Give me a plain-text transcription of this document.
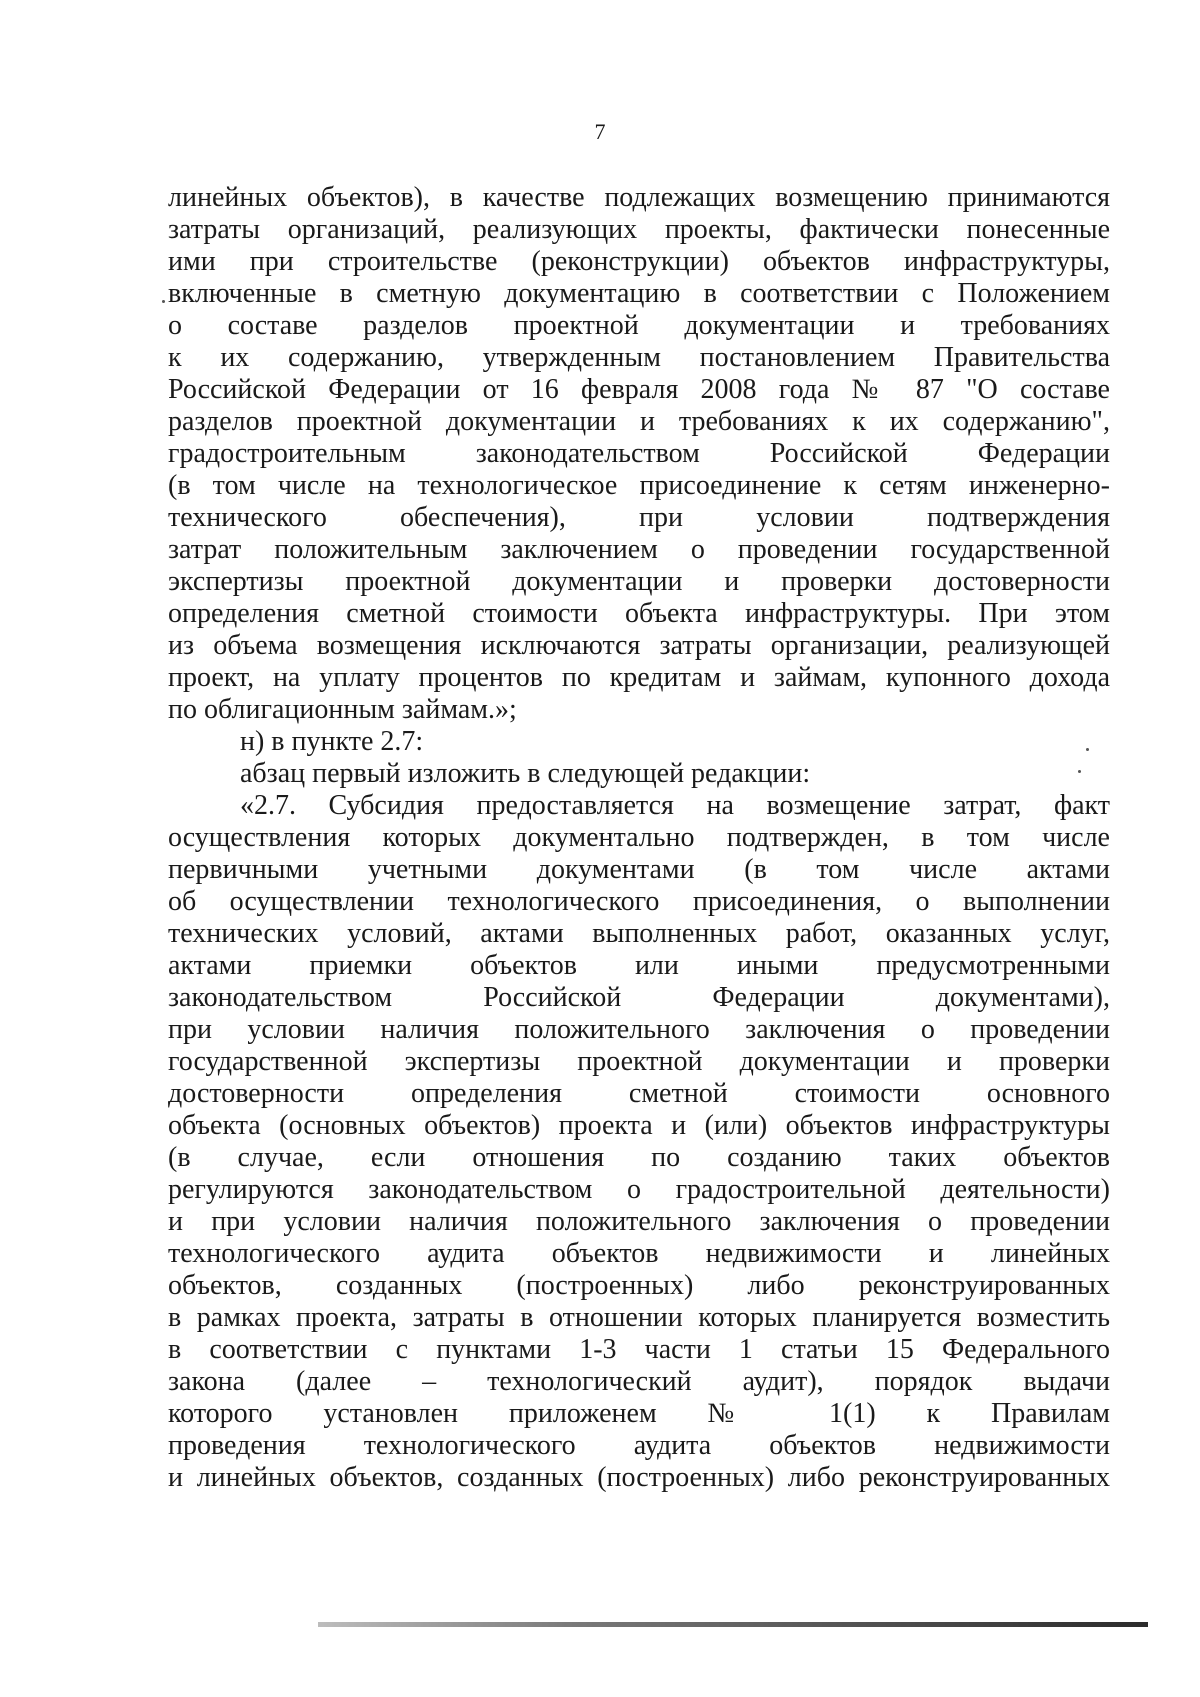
7
линейных объектов), в качестве подлежащих возмещению принимаются
затраты организаций, реализующих проекты, фактически понесенные
ими при строительстве (реконструкции) объектов инфраструктуры,
включенные в сметную документацию в соответствии с Положением
о составе разделов проектной документации и требованиях
к их содержанию, утвержденным постановлением Правительства
Российской Федерации от 16 февраля 2008 года № 87 "О составе
разделов проектной документации и требованиях к их содержанию",
градостроительным законодательством Российской Федерации
(в том числе на технологическое присоединение к сетям инженерно-
технического обеспечения), при условии подтверждения
затрат положительным заключением о проведении государственной
экспертизы проектной документации и проверки достоверности
определения сметной стоимости объекта инфраструктуры. При этом
из объема возмещения исключаются затраты организации, реализующей
проект, на уплату процентов по кредитам и займам, купонного дохода
по облигационным займам.»;
н) в пункте 2.7:
абзац первый изложить в следующей редакции:
«2.7. Субсидия предоставляется на возмещение затрат, факт
осуществления которых документально подтвержден, в том числе
первичными учетными документами (в том числе актами
об осуществлении технологического присоединения, о выполнении
технических условий, актами выполненных работ, оказанных услуг,
актами приемки объектов или иными предусмотренными
законодательством Российской Федерации документами),
при условии наличия положительного заключения о проведении
государственной экспертизы проектной документации и проверки
достоверности определения сметной стоимости основного
объекта (основных объектов) проекта и (или) объектов инфраструктуры
(в случае, если отношения по созданию таких объектов
регулируются законодательством о градостроительной деятельности)
и при условии наличия положительного заключения о проведении
технологического аудита объектов недвижимости и линейных
объектов, созданных (построенных) либо реконструированных
в рамках проекта, затраты в отношении которых планируется возместить
в соответствии с пунктами 1-3 части 1 статьи 15 Федерального
закона (далее – технологический аудит), порядок выдачи
которого установлен приложенем № 1(1) к Правилам
проведения технологического аудита объектов недвижимости
и линейных объектов, созданных (построенных) либо реконструированных
